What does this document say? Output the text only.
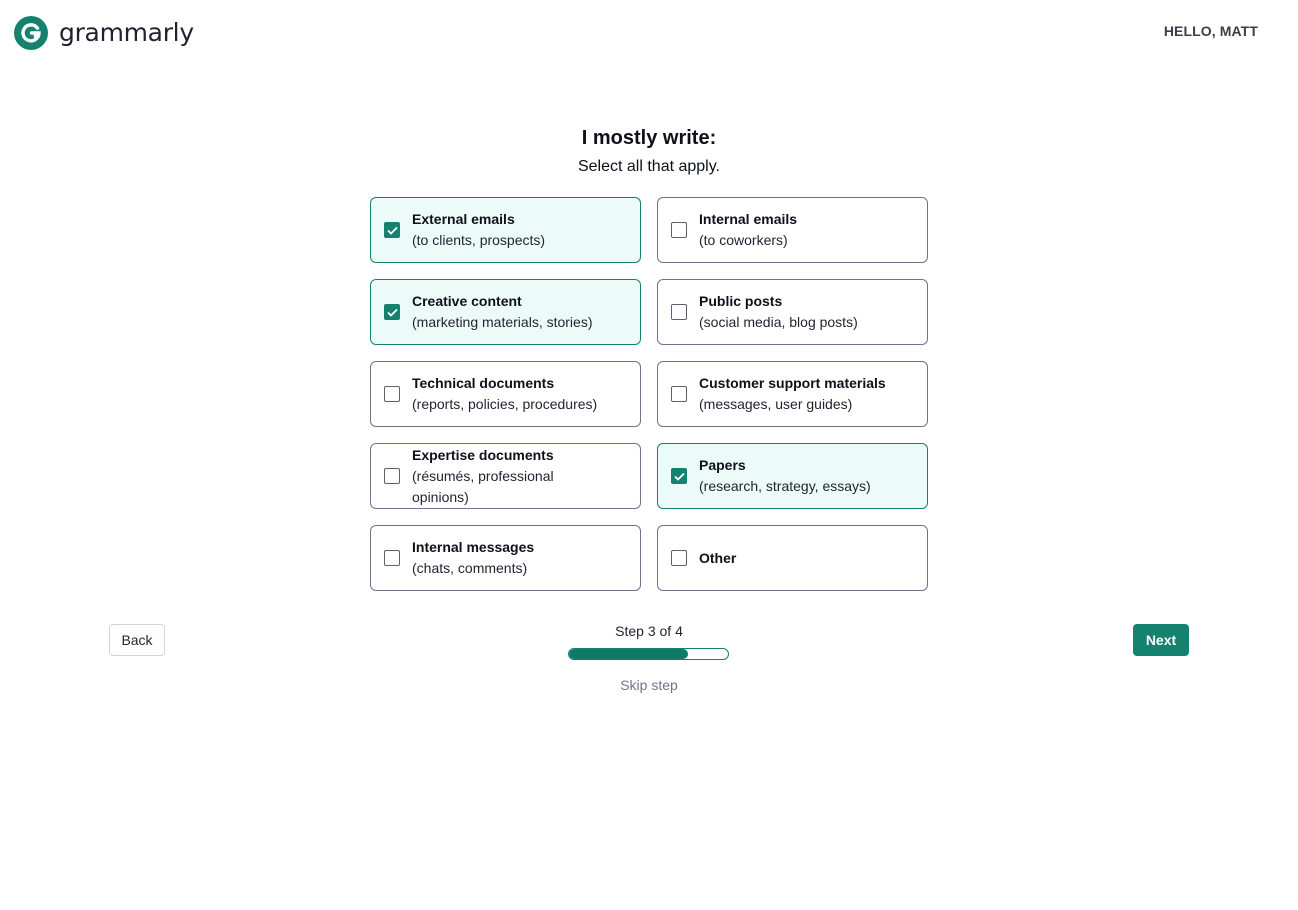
grammarly	HELLO, MATT
I mostly write:

Select all that apply.

External emails
(to clients, prospects)
Internal emails
(to coworkers)
Creative content
(marketing materials, stories)
Public posts
(social media, blog posts)
Technical documents
(reports, policies, procedures)
Customer support materials
(messages, user guides)
Expertise documents
(résumés, professional opinions)
Papers
(research, strategy, essays)
Internal messages
(chats, comments)
Other
Back
Step 3 of 4
Skip step
Next
